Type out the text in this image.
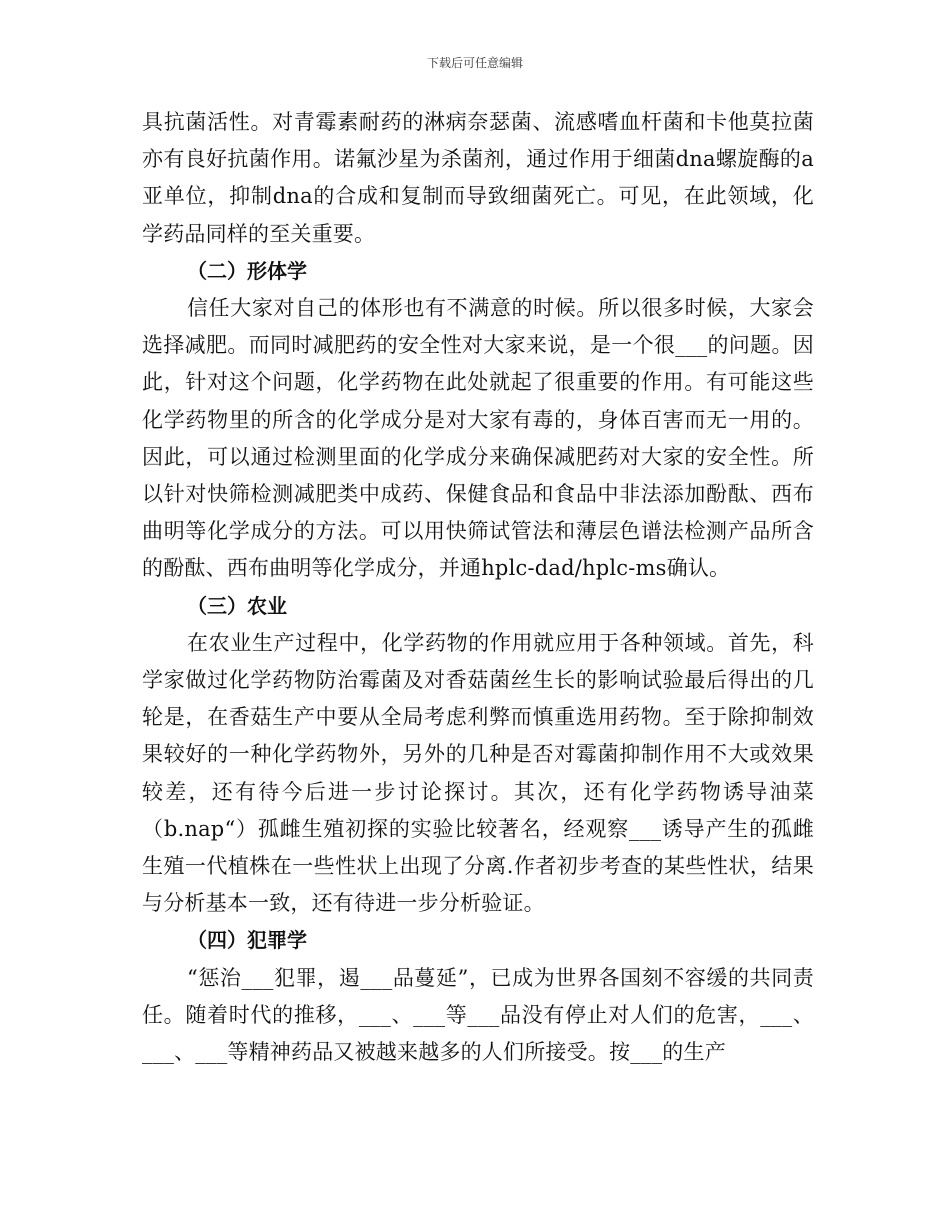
下载后可任意编辑

具抗菌活性。对青霉素耐药的淋病奈瑟菌、流感嗜血杆菌和卡他莫拉菌亦有良好抗菌作用。诺氟沙星为杀菌剂，通过作用于细菌dna螺旋酶的a亚单位，抑制dna的合成和复制而导致细菌死亡。可见，在此领域，化学药品同样的至关重要。

（二）形体学

信任大家对自己的体形也有不满意的时候。所以很多时候，大家会选择减肥。而同时减肥药的安全性对大家来说，是一个很___的问题。因此，针对这个问题，化学药物在此处就起了很重要的作用。有可能这些化学药物里的所含的化学成分是对大家有毒的，身体百害而无一用的。因此，可以通过检测里面的化学成分来确保减肥药对大家的安全性。所以针对快筛检测减肥类中成药、保健食品和食品中非法添加酚酞、西布曲明等化学成分的方法。可以用快筛试管法和薄层色谱法检测产品所含的酚酞、西布曲明等化学成分，并通hplc-dad/hplc-ms确认。

（三）农业

在农业生产过程中，化学药物的作用就应用于各种领域。首先，科学家做过化学药物防治霉菌及对香菇菌丝生长的影响试验最后得出的几轮是，在香菇生产中要从全局考虑利弊而慎重选用药物。至于除抑制效果较好的一种化学药物外，另外的几种是否对霉菌抑制作用不大或效果较差，还有待今后进一步讨论探讨。其次，还有化学药物诱导油菜（b.nap“）孤雌生殖初探的实验比较著名，经观察___诱导产生的孤雌生殖一代植株在一些性状上出现了分离.作者初步考查的某些性状，结果与分析基本一致，还有待进一步分析验证。

（四）犯罪学

“惩治___犯罪，遏___品蔓延”，已成为世界各国刻不容缓的共同责任。随着时代的推移，___、___等___品没有停止对人们的危害，___、___、___等精神药品又被越来越多的人们所接受。按___的生产
